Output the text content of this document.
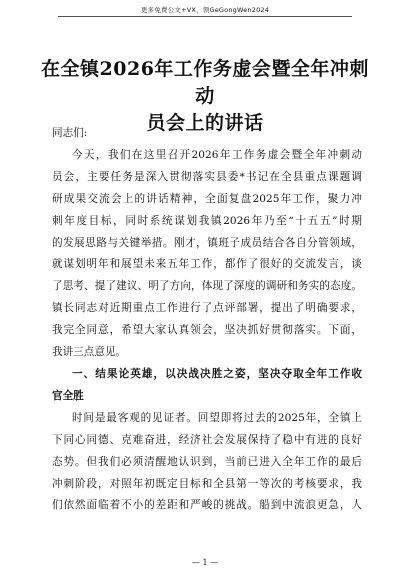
更多免费公文+VX，领GeGongWen2024
在全镇2026年工作务虚会暨全年冲刺动
员会上的讲话
同志们:
今天，我们在这里召开2026年工作务虚会暨全年冲刺动
员会，主要任务是深入贯彻落实县委*书记在全县重点课题调
研成果交流会上的讲话精神，全面复盘2025年工作，聚力冲
刺年度目标，同时系统谋划我镇2026年乃至“十五五”时期
的发展思路与关键举措。刚才，镇班子成员结合各自分管领域，
就谋划明年和展望未来五年工作，都作了很好的交流发言，谈
了思考、提了建议、明了方向，体现了深度的调研和务实的态度。
镇长同志对近期重点工作进行了点评部署，提出了明确要求，
我完全同意，希望大家认真领会，坚决抓好贯彻落实。下面，
我讲三点意见。
一、结果论英雄，以决战决胜之姿，坚决夺取全年工作收
官全胜
时间是最客观的见证者。回望即将过去的2025年，全镇上
下同心同德、克难奋进，经济社会发展保持了稳中有进的良好
态势。但我们必须清醒地认识到，当前已进入全年工作的最后
冲刺阶段，对照年初既定目标和全县第一等次的考核要求，我
们依然面临着不小的差距和严峻的挑战。船到中流浪更急，人
— 1 —
